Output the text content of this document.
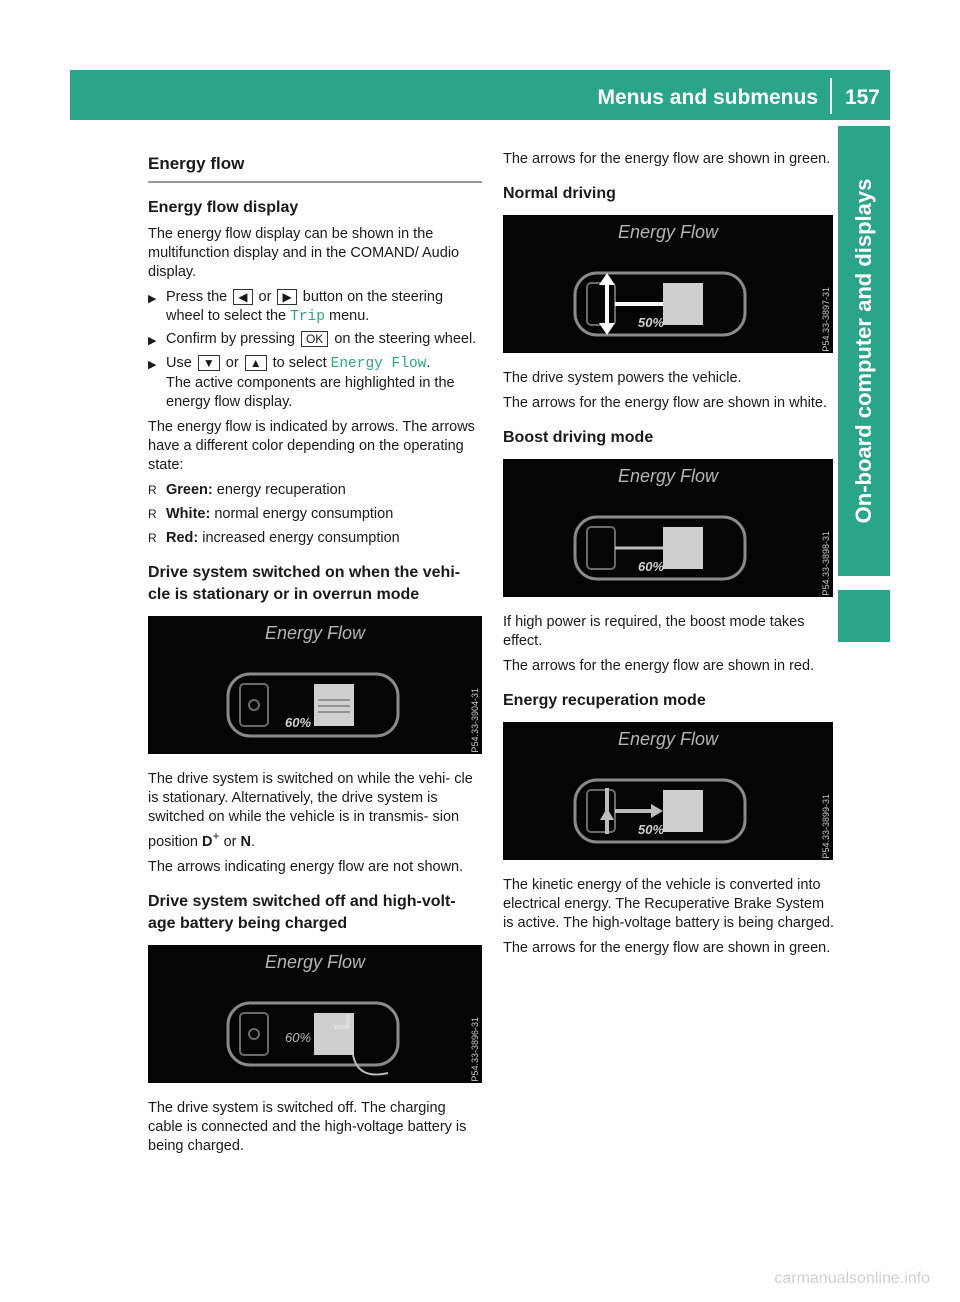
Menus and submenus 157
On-board computer and displays
Energy flow
Energy flow display

The energy flow display can be shown in the multifunction display and in the COMAND/ Audio display.

▶ Press the ◀ or ▶ button on the steering wheel to select the Trip menu.
▶ Confirm by pressing OK on the steering wheel.
▶ Use ▼ or ▲ to select Energy Flow.
The active components are highlighted in the energy flow display.

The energy flow is indicated by arrows. The arrows have a different color depending on the operating state:

R Green: energy recuperation
R White: normal energy consumption
R Red: increased energy consumption
Drive system switched on when the vehi- cle is stationary or in overrun mode
Energy Flow
60%	P54.33-3904-31

The drive system is switched on while the vehi- cle is stationary. Alternatively, the drive system is switched on while the vehicle is in transmis- sion position D+ or N.

The arrows indicating energy flow are not shown.

Drive system switched off and high-volt- age battery being charged
Energy Flow
60%	P54.33-3896-31

The drive system is switched off. The charging cable is connected and the high-voltage battery is being charged.

The arrows for the energy flow are shown in green.

Normal driving
Energy Flow
50%	P54.33-3897-31

The drive system powers the vehicle.

The arrows for the energy flow are shown in white.

Boost driving mode
Energy Flow
60%	P54.33-3898-31

If high power is required, the boost mode takes effect.

The arrows for the energy flow are shown in red.

Energy recuperation mode
Energy Flow
50%	P54.33-3899-31

The kinetic energy of the vehicle is converted into electrical energy. The Recuperative Brake System is active. The high-voltage battery is being charged.

The arrows for the energy flow are shown in green.

carmanualsonline.info
